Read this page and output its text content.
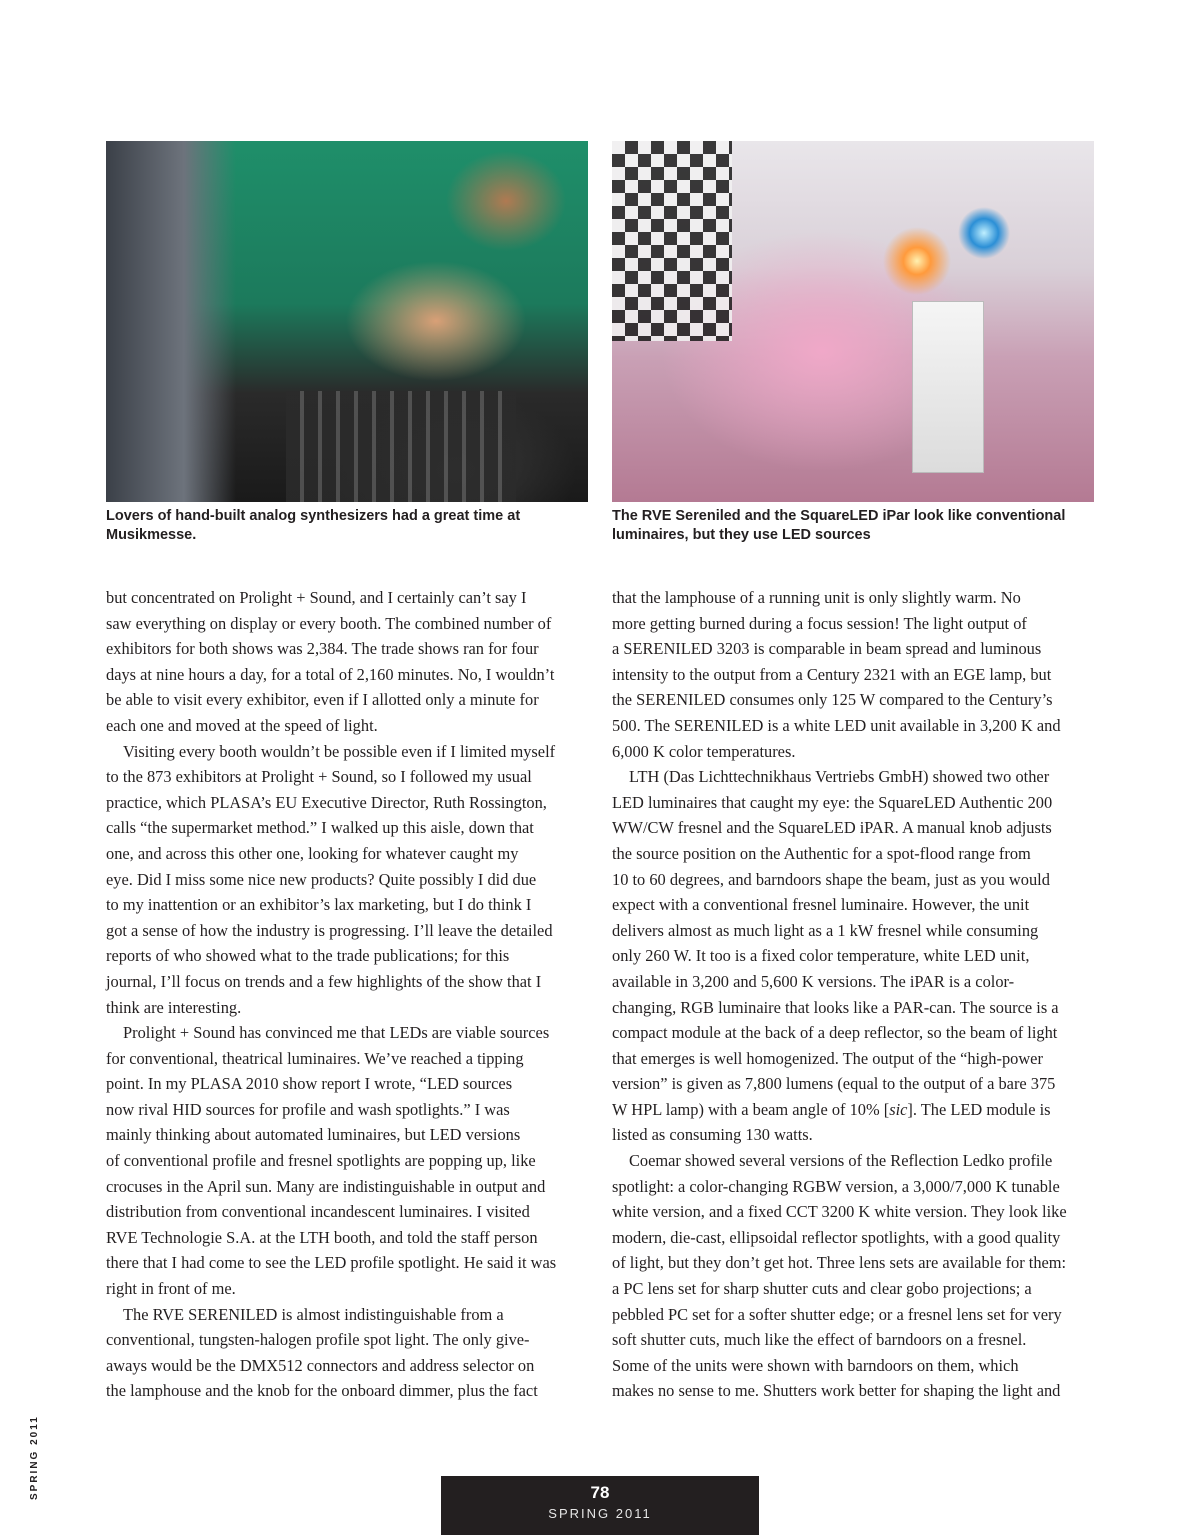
Lovers of hand-built analog synthesizers had a great time at Musikmesse.
The RVE Sereniled and the SquareLED iPar look like conventional luminaires, but they use LED sources
but concentrated on Prolight + Sound, and I certainly can’t say I
saw everything on display or every booth. The combined number of
exhibitors for both shows was 2,384. The trade shows ran for four
days at nine hours a day, for a total of 2,160 minutes. No, I wouldn’t
be able to visit every exhibitor, even if I allotted only a minute for
each one and moved at the speed of light.
Visiting every booth wouldn’t be possible even if I limited myself
to the 873 exhibitors at Prolight + Sound, so I followed my usual
practice, which PLASA’s EU Executive Director, Ruth Rossington,
calls “the supermarket method.” I walked up this aisle, down that
one, and across this other one, looking for whatever caught my
eye. Did I miss some nice new products? Quite possibly I did due
to my inattention or an exhibitor’s lax marketing, but I do think I
got a sense of how the industry is progressing. I’ll leave the detailed
reports of who showed what to the trade publications; for this
journal, I’ll focus on trends and a few highlights of the show that I
think are interesting.
Prolight + Sound has convinced me that LEDs are viable sources
for conventional, theatrical luminaires. We’ve reached a tipping
point. In my PLASA 2010 show report I wrote, “LED sources
now rival HID sources for profile and wash spotlights.” I was
mainly thinking about automated luminaires, but LED versions
of conventional profile and fresnel spotlights are popping up, like
crocuses in the April sun. Many are indistinguishable in output and
distribution from conventional incandescent luminaires. I visited
RVE Technologie S.A. at the LTH booth, and told the staff person
there that I had come to see the LED profile spotlight. He said it was
right in front of me.
The RVE SERENILED is almost indistinguishable from a
conventional, tungsten-halogen profile spot light. The only give-
aways would be the DMX512 connectors and address selector on
the lamphouse and the knob for the onboard dimmer, plus the fact
that the lamphouse of a running unit is only slightly warm. No
more getting burned during a focus session! The light output of
a SERENILED 3203 is comparable in beam spread and luminous
intensity to the output from a Century 2321 with an EGE lamp, but
the SERENILED consumes only 125 W compared to the Century’s
500. The SERENILED is a white LED unit available in 3,200 K and
6,000 K color temperatures.
LTH (Das Lichttechnikhaus Vertriebs GmbH) showed two other
LED luminaires that caught my eye: the SquareLED Authentic 200
WW/CW fresnel and the SquareLED iPAR. A manual knob adjusts
the source position on the Authentic for a spot-flood range from
10 to 60 degrees, and barndoors shape the beam, just as you would
expect with a conventional fresnel luminaire. However, the unit
delivers almost as much light as a 1 kW fresnel while consuming
only 260 W. It too is a fixed color temperature, white LED unit,
available in 3,200 and 5,600 K versions. The iPAR is a color-
changing, RGB luminaire that looks like a PAR-can. The source is a
compact module at the back of a deep reflector, so the beam of light
that emerges is well homogenized. The output of the “high-power
version” is given as 7,800 lumens (equal to the output of a bare 375
W HPL lamp) with a beam angle of 10% [sic]. The LED module is
listed as consuming 130 watts.
Coemar showed several versions of the Reflection Ledko profile
spotlight: a color-changing RGBW version, a 3,000/7,000 K tunable
white version, and a fixed CCT 3200 K white version. They look like
modern, die-cast, ellipsoidal reflector spotlights, with a good quality
of light, but they don’t get hot. Three lens sets are available for them:
a PC lens set for sharp shutter cuts and clear gobo projections; a
pebbled PC set for a softer shutter edge; or a fresnel lens set for very
soft shutter cuts, much like the effect of barndoors on a fresnel.
Some of the units were shown with barndoors on them, which
makes no sense to me. Shutters work better for shaping the light and
SPRING 2011	78
SPRING 2011
